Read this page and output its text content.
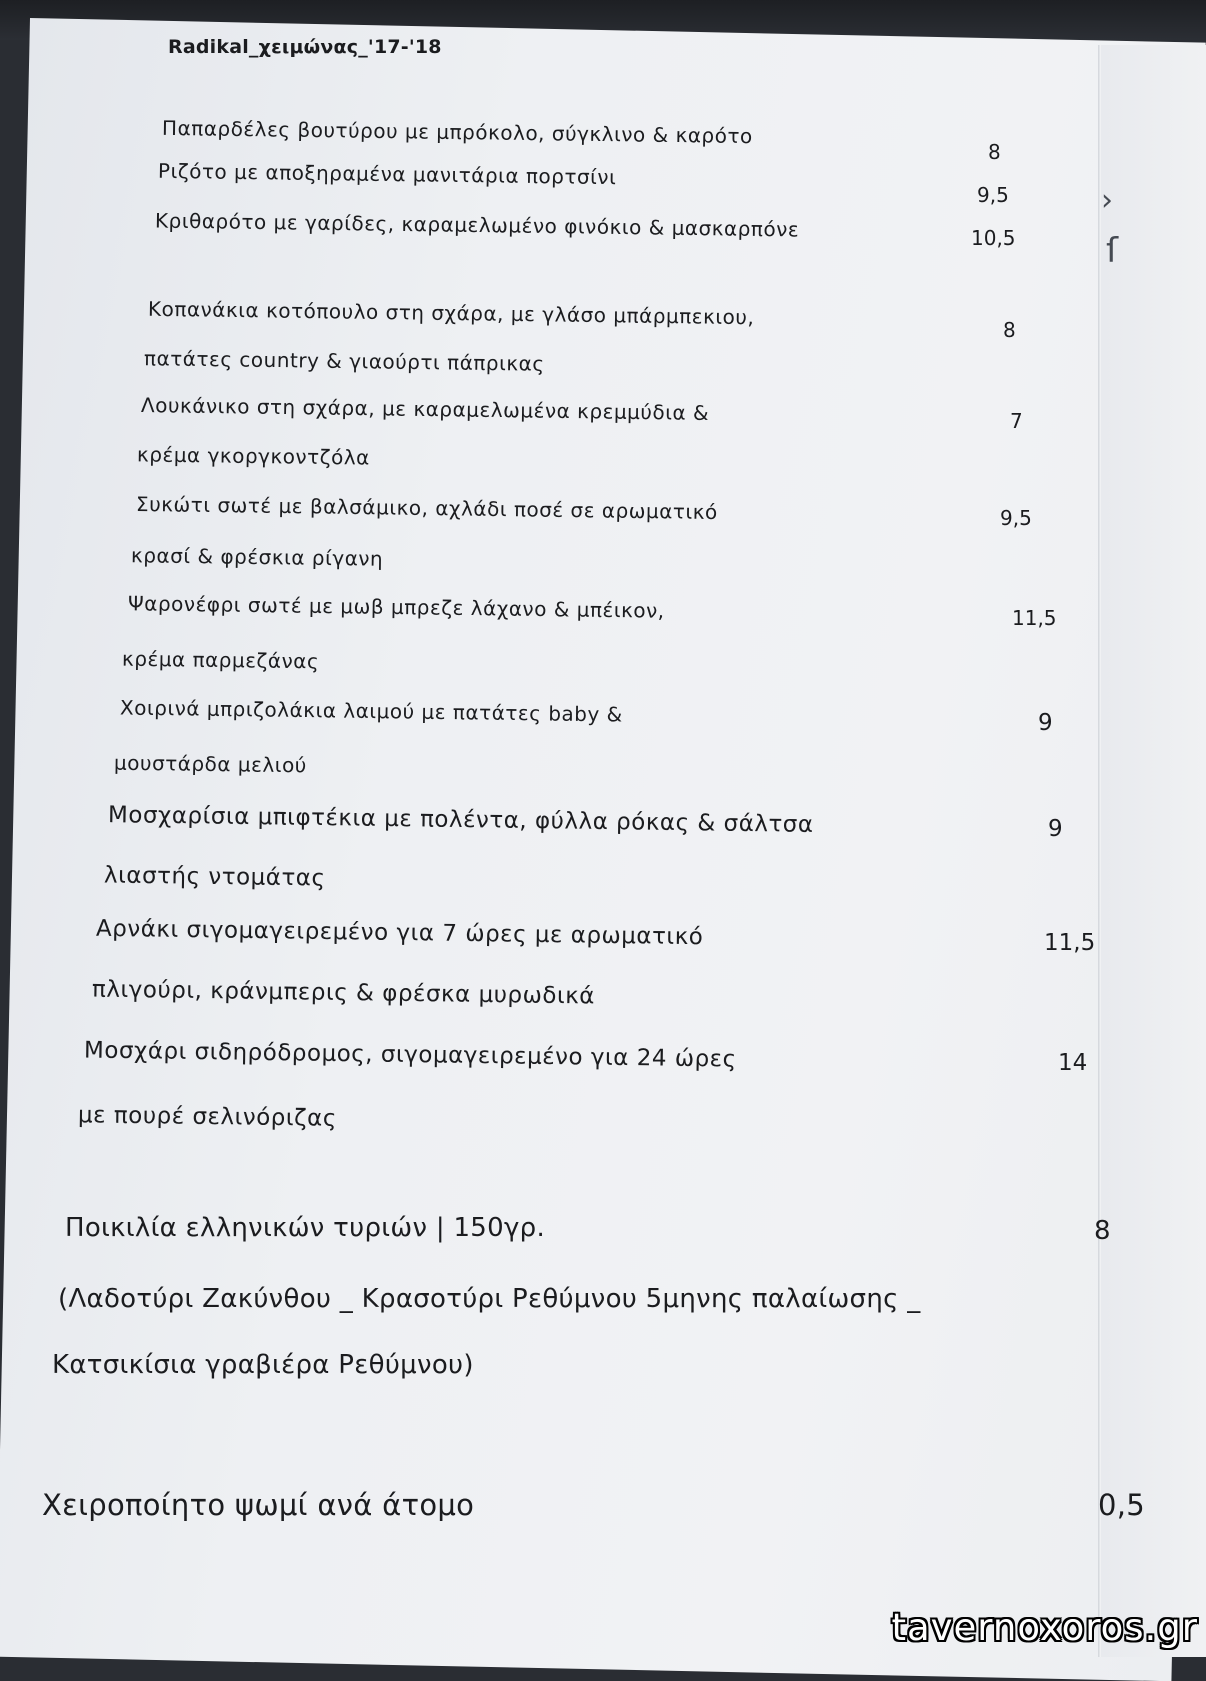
›
ſ
Radikal_χειμώνας_'17-'18
Παπαρδέλες βουτύρου με μπρόκολο, σύγκλινο & καρότο
8
Ριζότο με αποξηραμένα μανιτάρια πορτσίνι
9,5
Κριθαρότο με γαρίδες, καραμελωμένο φινόκιο & μασκαρπόνε	10,5
Κοπανάκια κοτόπουλο στη σχάρα, με γλάσο μπάρμπεκιου,
πατάτες country & γιαούρτι πάπρικας
8
Λουκάνικο στη σχάρα, με καραμελωμένα κρεμμύδια &
κρέμα γκοργκοντζόλα
7
Συκώτι σωτέ με βαλσάμικο, αχλάδι ποσέ σε αρωματικό
κρασί & φρέσκια ρίγανη
9,5
Ψαρονέφρι σωτέ με μωβ μπρεζε λάχανο & μπέικον,
κρέμα παρμεζάνας
11,5
Χοιρινά μπριζολάκια λαιμού με πατάτες baby &
μουστάρδα μελιού
9
Μοσχαρίσια μπιφτέκια με πολέντα, φύλλα ρόκας & σάλτσα
λιαστής ντομάτας
9
Αρνάκι σιγομαγειρεμένο για 7 ώρες με αρωματικό
πλιγούρι, κράνμπερις & φρέσκα μυρωδικά
11,5
Μοσχάρι σιδηρόδρομος, σιγομαγειρεμένο για 24 ώρες
με πουρέ σελινόριζας
14
Ποικιλία ελληνικών τυριών | 150γρ.
(Λαδοτύρι Ζακύνθου _ Κρασοτύρι Ρεθύμνου 5μηνης παλαίωσης _
Κατσικίσια γραβιέρα Ρεθύμνου)
8
Χειροποίητο ψωμί ανά άτομο	0,5
tavernoxoros.gr
